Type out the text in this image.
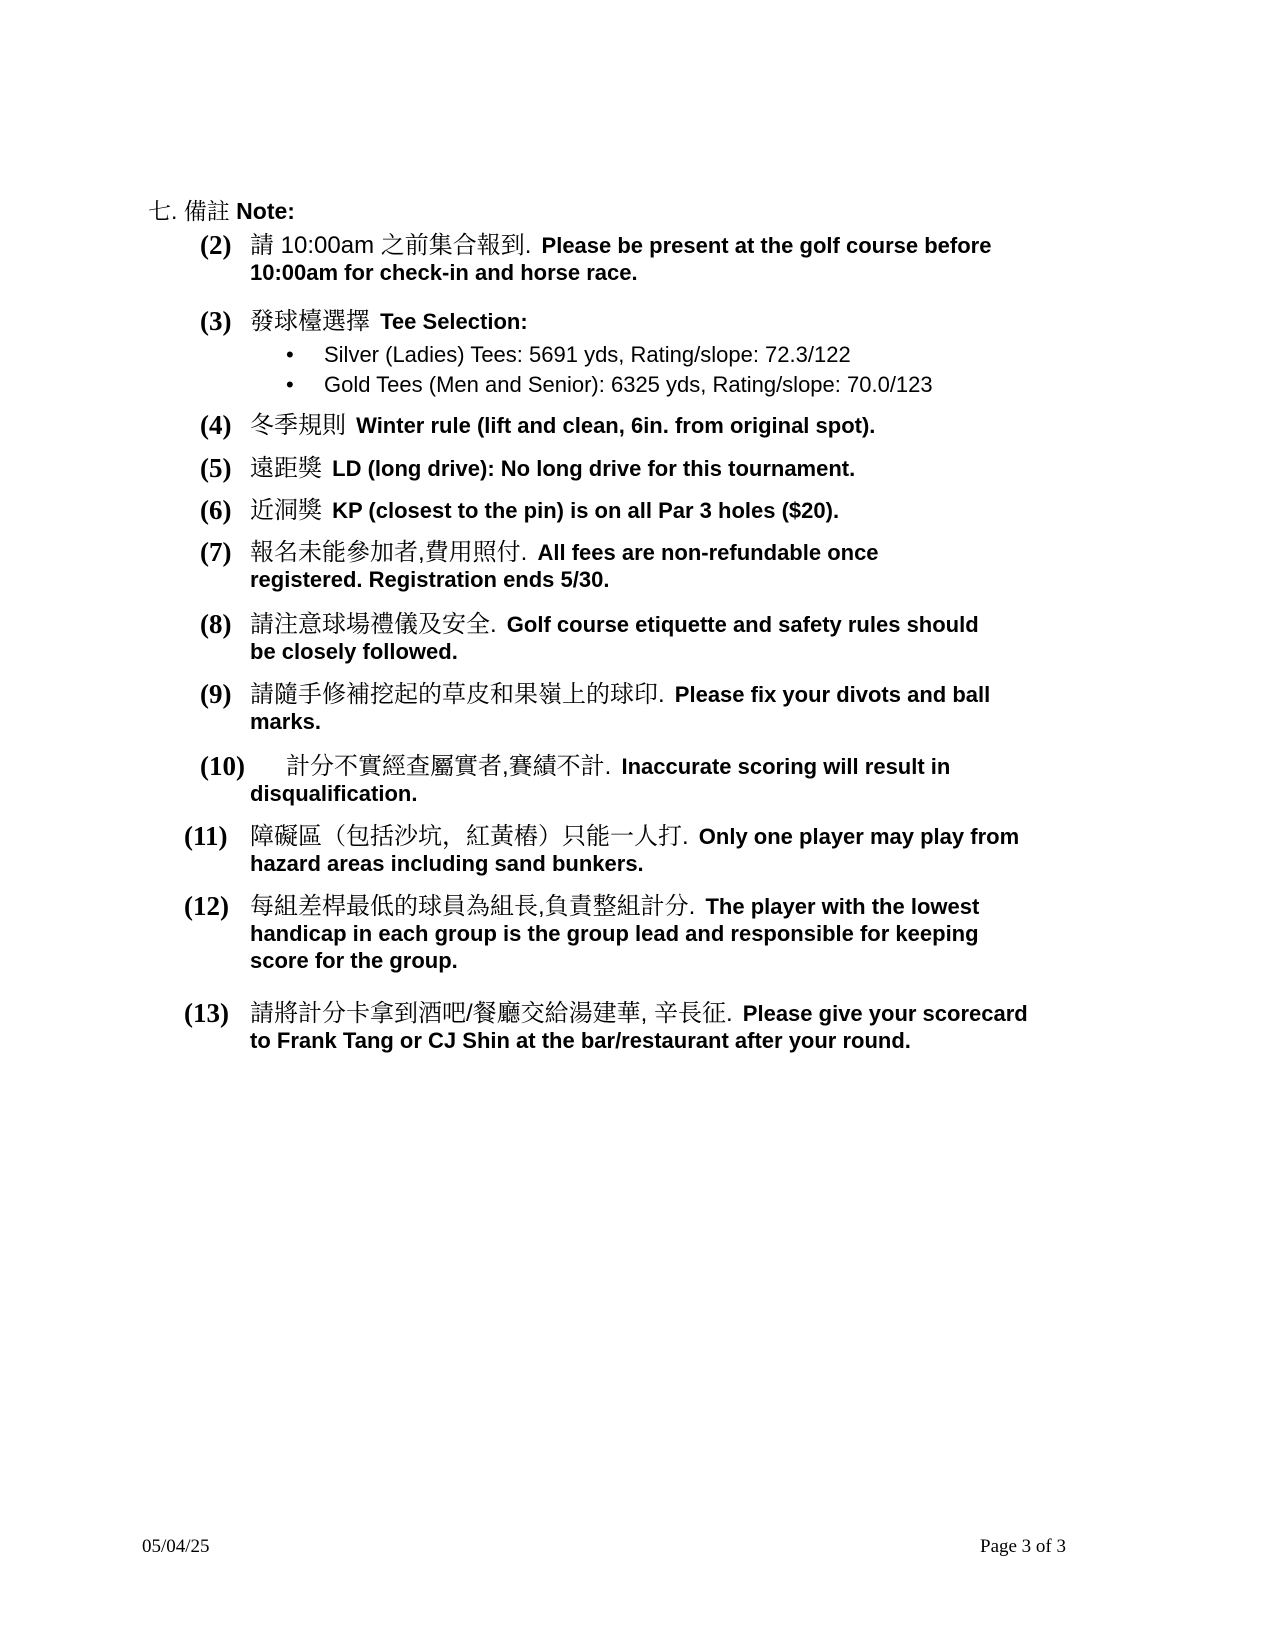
七. 備註 Note:
(2) 請 10:00am 之前集合報到. Please be present at the golf course before 10:00am for check-in and horse race.
(3) 發球檯選擇 Tee Selection:
• Silver (Ladies) Tees: 5691 yds, Rating/slope: 72.3/122
• Gold Tees (Men and Senior): 6325 yds, Rating/slope: 70.0/123
(4) 冬季規則 Winter rule (lift and clean, 6in. from original spot).
(5) 遠距獎 LD (long drive): No long drive for this tournament.
(6) 近洞獎 KP (closest to the pin) is on all Par 3 holes ($20).
(7) 報名未能參加者,費用照付. All fees are non-refundable once registered. Registration ends 5/30.
(8) 請注意球場禮儀及安全. Golf course etiquette and safety rules should be closely followed.
(9) 請隨手修補挖起的草皮和果嶺上的球印. Please fix your divots and ball marks.
(10)	計分不實經查屬實者,賽績不計. Inaccurate scoring will result in disqualification.
(11) 障礙區（包括沙坑，紅黃樁）只能一人打. Only one player may play from hazard areas including sand bunkers.
(12) 每組差桿最低的球員為組長,負責整組計分. The player with the lowest handicap in each group is the group lead and responsible for keeping score for the group.
(13) 請將計分卡拿到酒吧/餐廳交給湯建華, 辛長征. Please give your scorecard to Frank Tang or CJ Shin at the bar/restaurant after your round.
05/04/25	Page 3 of 3
